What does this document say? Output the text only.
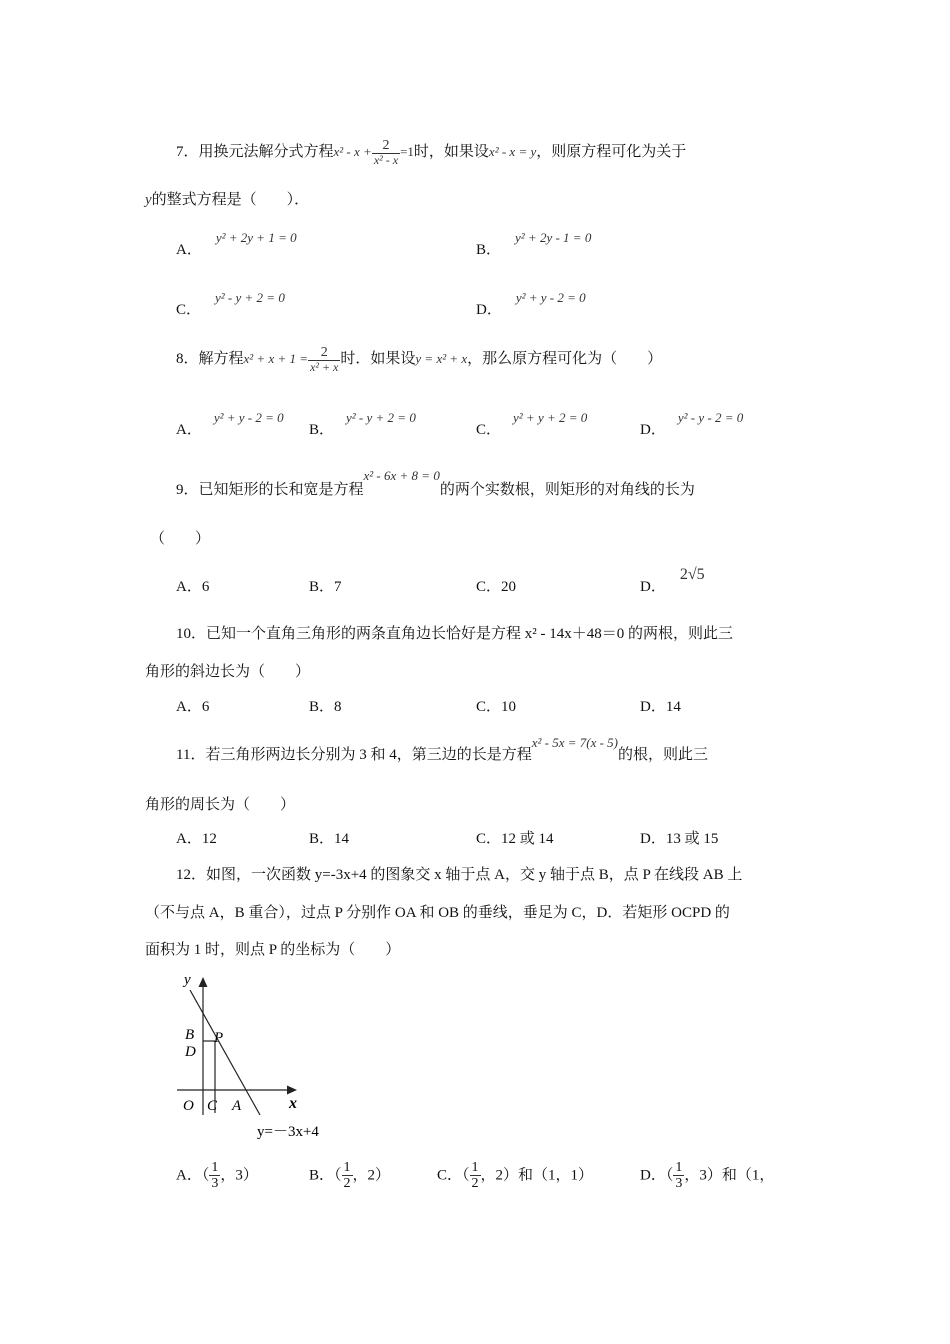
7．用换元法解分式方程$x^2 - x + \frac{2}{\text{x² - x}} =1$时，如果设x² - x = y，则原方程可化为关于
y的整式方程是（　　）．
A．y² + 2y + 1 = 0
B．y² + 2y - 1 = 0
C．y² - y + 2 = 0
D．y² + y - 2 = 0
8．解方程$x^2 + x + 1 = \frac{2}{\text{x² + x}}$ 时．如果设y = x² + x，那么原方程可化为（　　）
A．y² + y - 2 = 0
B．y² - y + 2 = 0
C．y² + y + 2 = 0
D．y² - y - 2 = 0
9．已知矩形的长和宽是方程x² - 6x + 8 = 0的两个实数根，则矩形的对角线的长为
（　　）
A．6	B．7	C．20	D．2√5
10．已知一个直角三角形的两条直角边长恰好是方程 x² - 14x＋48＝0 的两根，则此三
角形的斜边长为（　　）
A．6	B．8	C．10	D．14
11．若三角形两边长分别为 3 和 4，第三边的长是方程x² - 5x = 7(x - 5)的根，则此三
角形的周长为（　　）
A．12	B．14	C．12 或 14	D．13 或 15
12．如图，一次函数 y=-3x+4 的图象交 x 轴于点 A，交 y 轴于点 B，点 P 在线段 AB 上
（不与点 A，B 重合），过点 P 分别作 OA 和 OB 的垂线，垂足为 C，D．若矩形 OCPD 的
面积为 1 时，则点 P 的坐标为（　　）
y
x
B P
D
O C A
y=－3x+4
A．（ $\frac{1}{3}$ ，3）	B．（ $\frac{1}{2}$ ，2）	C．（ $\frac{1}{2}$ ，2）和（1，1）	D．（ $\frac{1}{3}$ ，3）和（1，
